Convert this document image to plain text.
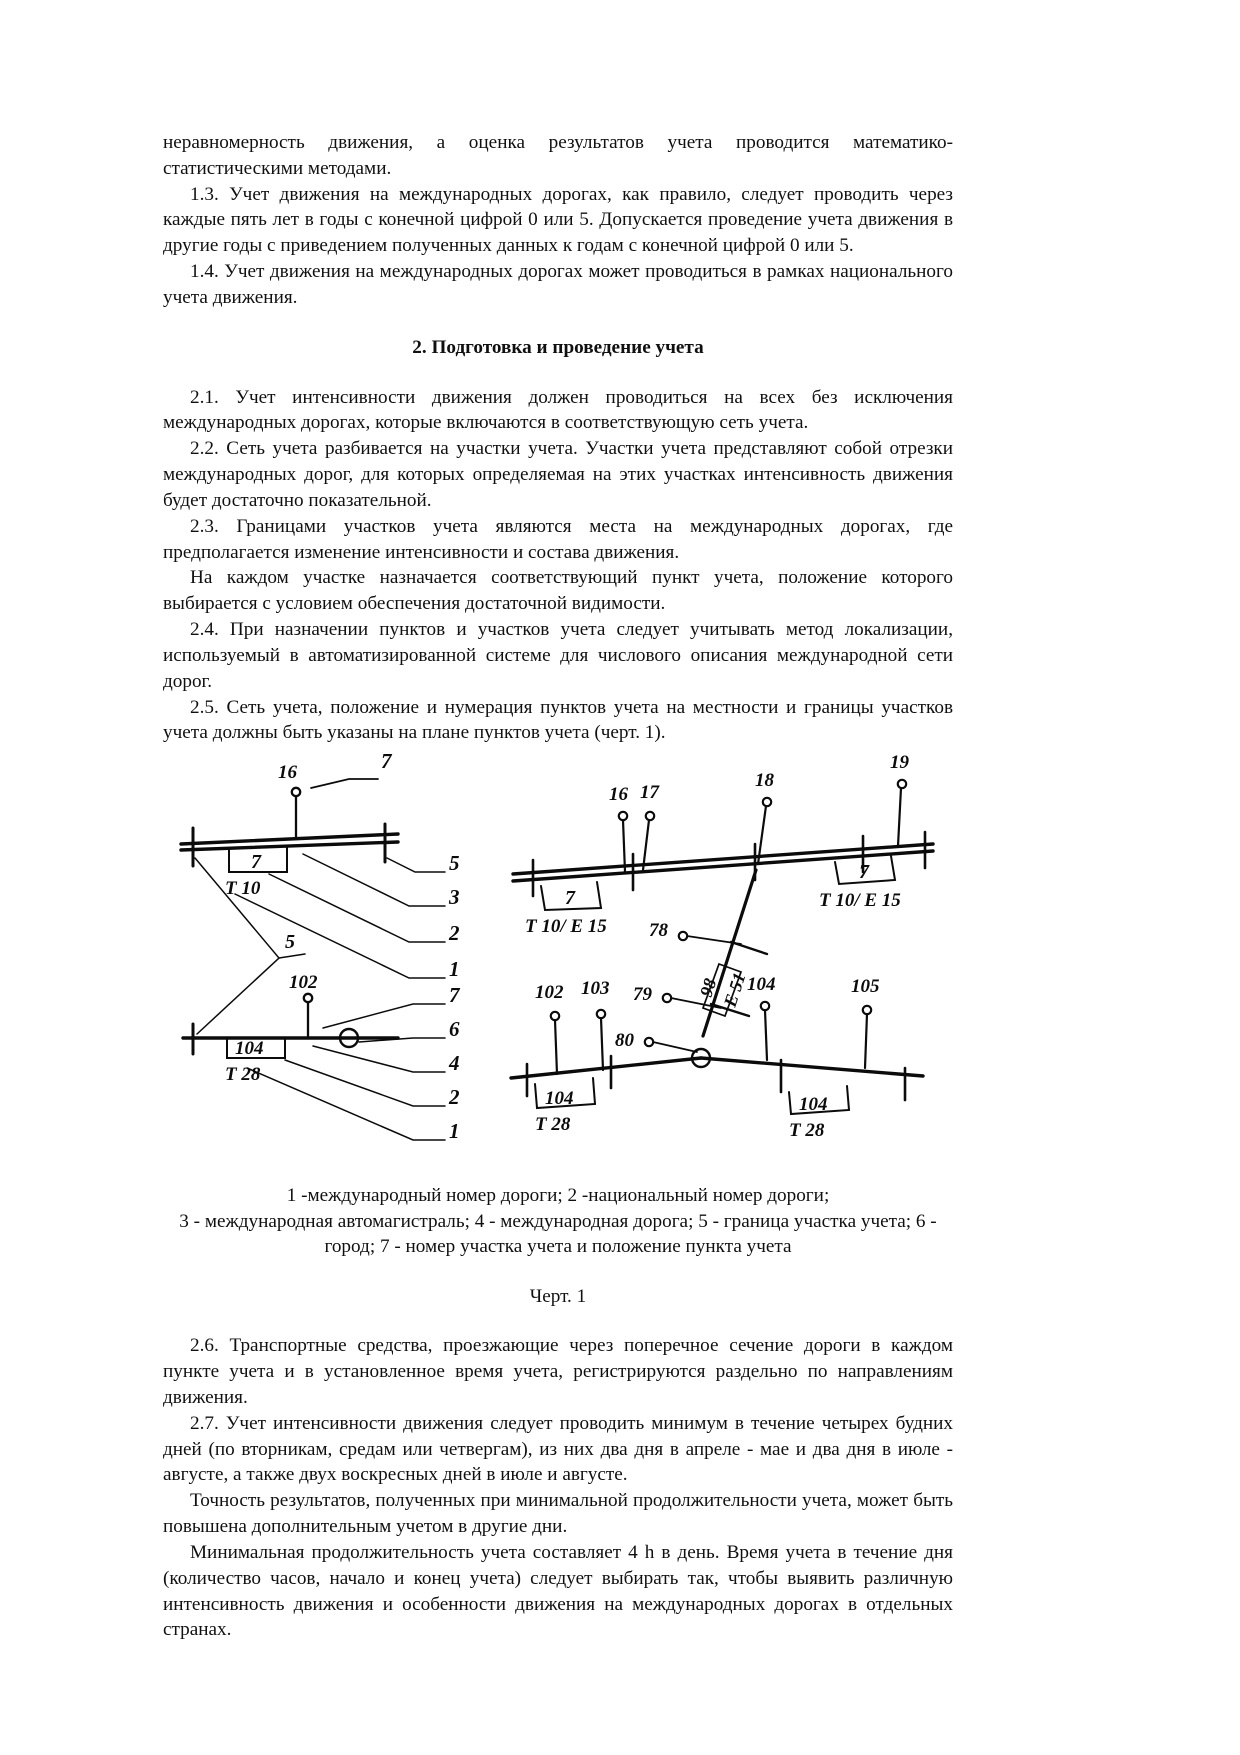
неравномерность движения, а оценка результатов учета проводится математико-статистическими методами.

1.3. Учет движения на международных дорогах, как правило, следует проводить через каждые пять лет в годы с конечной цифрой 0 или 5. Допускается проведение учета движения в другие годы с приведением полученных данных к годам с конечной цифрой 0 или 5.

1.4. Учет движения на международных дорогах может проводиться в рамках национального учета движения.

2. Подготовка и проведение учета

2.1. Учет интенсивности движения должен проводиться на всех без исключения международных дорогах, которые включаются в соответствующую сеть учета.

2.2. Сеть учета разбивается на участки учета. Участки учета представляют собой отрезки международных дорог, для которых определяемая на этих участках интенсивность движения будет достаточно показательной.

2.3. Границами участков учета являются места на международных дорогах, где предполагается изменение интенсивности и состава движения.

На каждом участке назначается соответствующий пункт учета, положение которого выбирается с условием обеспечения достаточной видимости.

2.4. При назначении пунктов и участков учета следует учитывать метод локализации, используемый в автоматизированной системе для числового описания международной сети дорог.

2.5. Сеть учета, положение и нумерация пунктов учета на местности и границы участков учета должны быть указаны на плане пунктов учета (черт. 1).

16	7
7
T 10
5
3
2
1
5
102
104
T 28
7
6
4
2
1
16 17
18
19
7
T 10/ E 15
7
T 10/ E 15
78
79
80
98 E 51
102 103	104	105
104
T 28
104
T 28

1 -международный номер дороги; 2 -национальный номер дороги;

3 - международная автомагистраль; 4 - международная дорога; 5 - граница участка учета; 6 -

город; 7 - номер участка учета и положение пункта учета

Черт. 1

2.6. Транспортные средства, проезжающие через поперечное сечение дороги в каждом пункте учета и в установленное время учета, регистрируются раздельно по направлениям движения.

2.7. Учет интенсивности движения следует проводить минимум в течение четырех будних дней (по вторникам, средам или четвергам), из них два дня в апреле - мае и два дня в июле - августе, а также двух воскресных дней в июле и августе.

Точность результатов, полученных при минимальной продолжительности учета, может быть повышена дополнительным учетом в другие дни.

Минимальная продолжительность учета составляет 4 h в день. Время учета в течение дня (количество часов, начало и конец учета) следует выбирать так, чтобы выявить различную интенсивность движения и особенности движения на международных дорогах в отдельных странах.
